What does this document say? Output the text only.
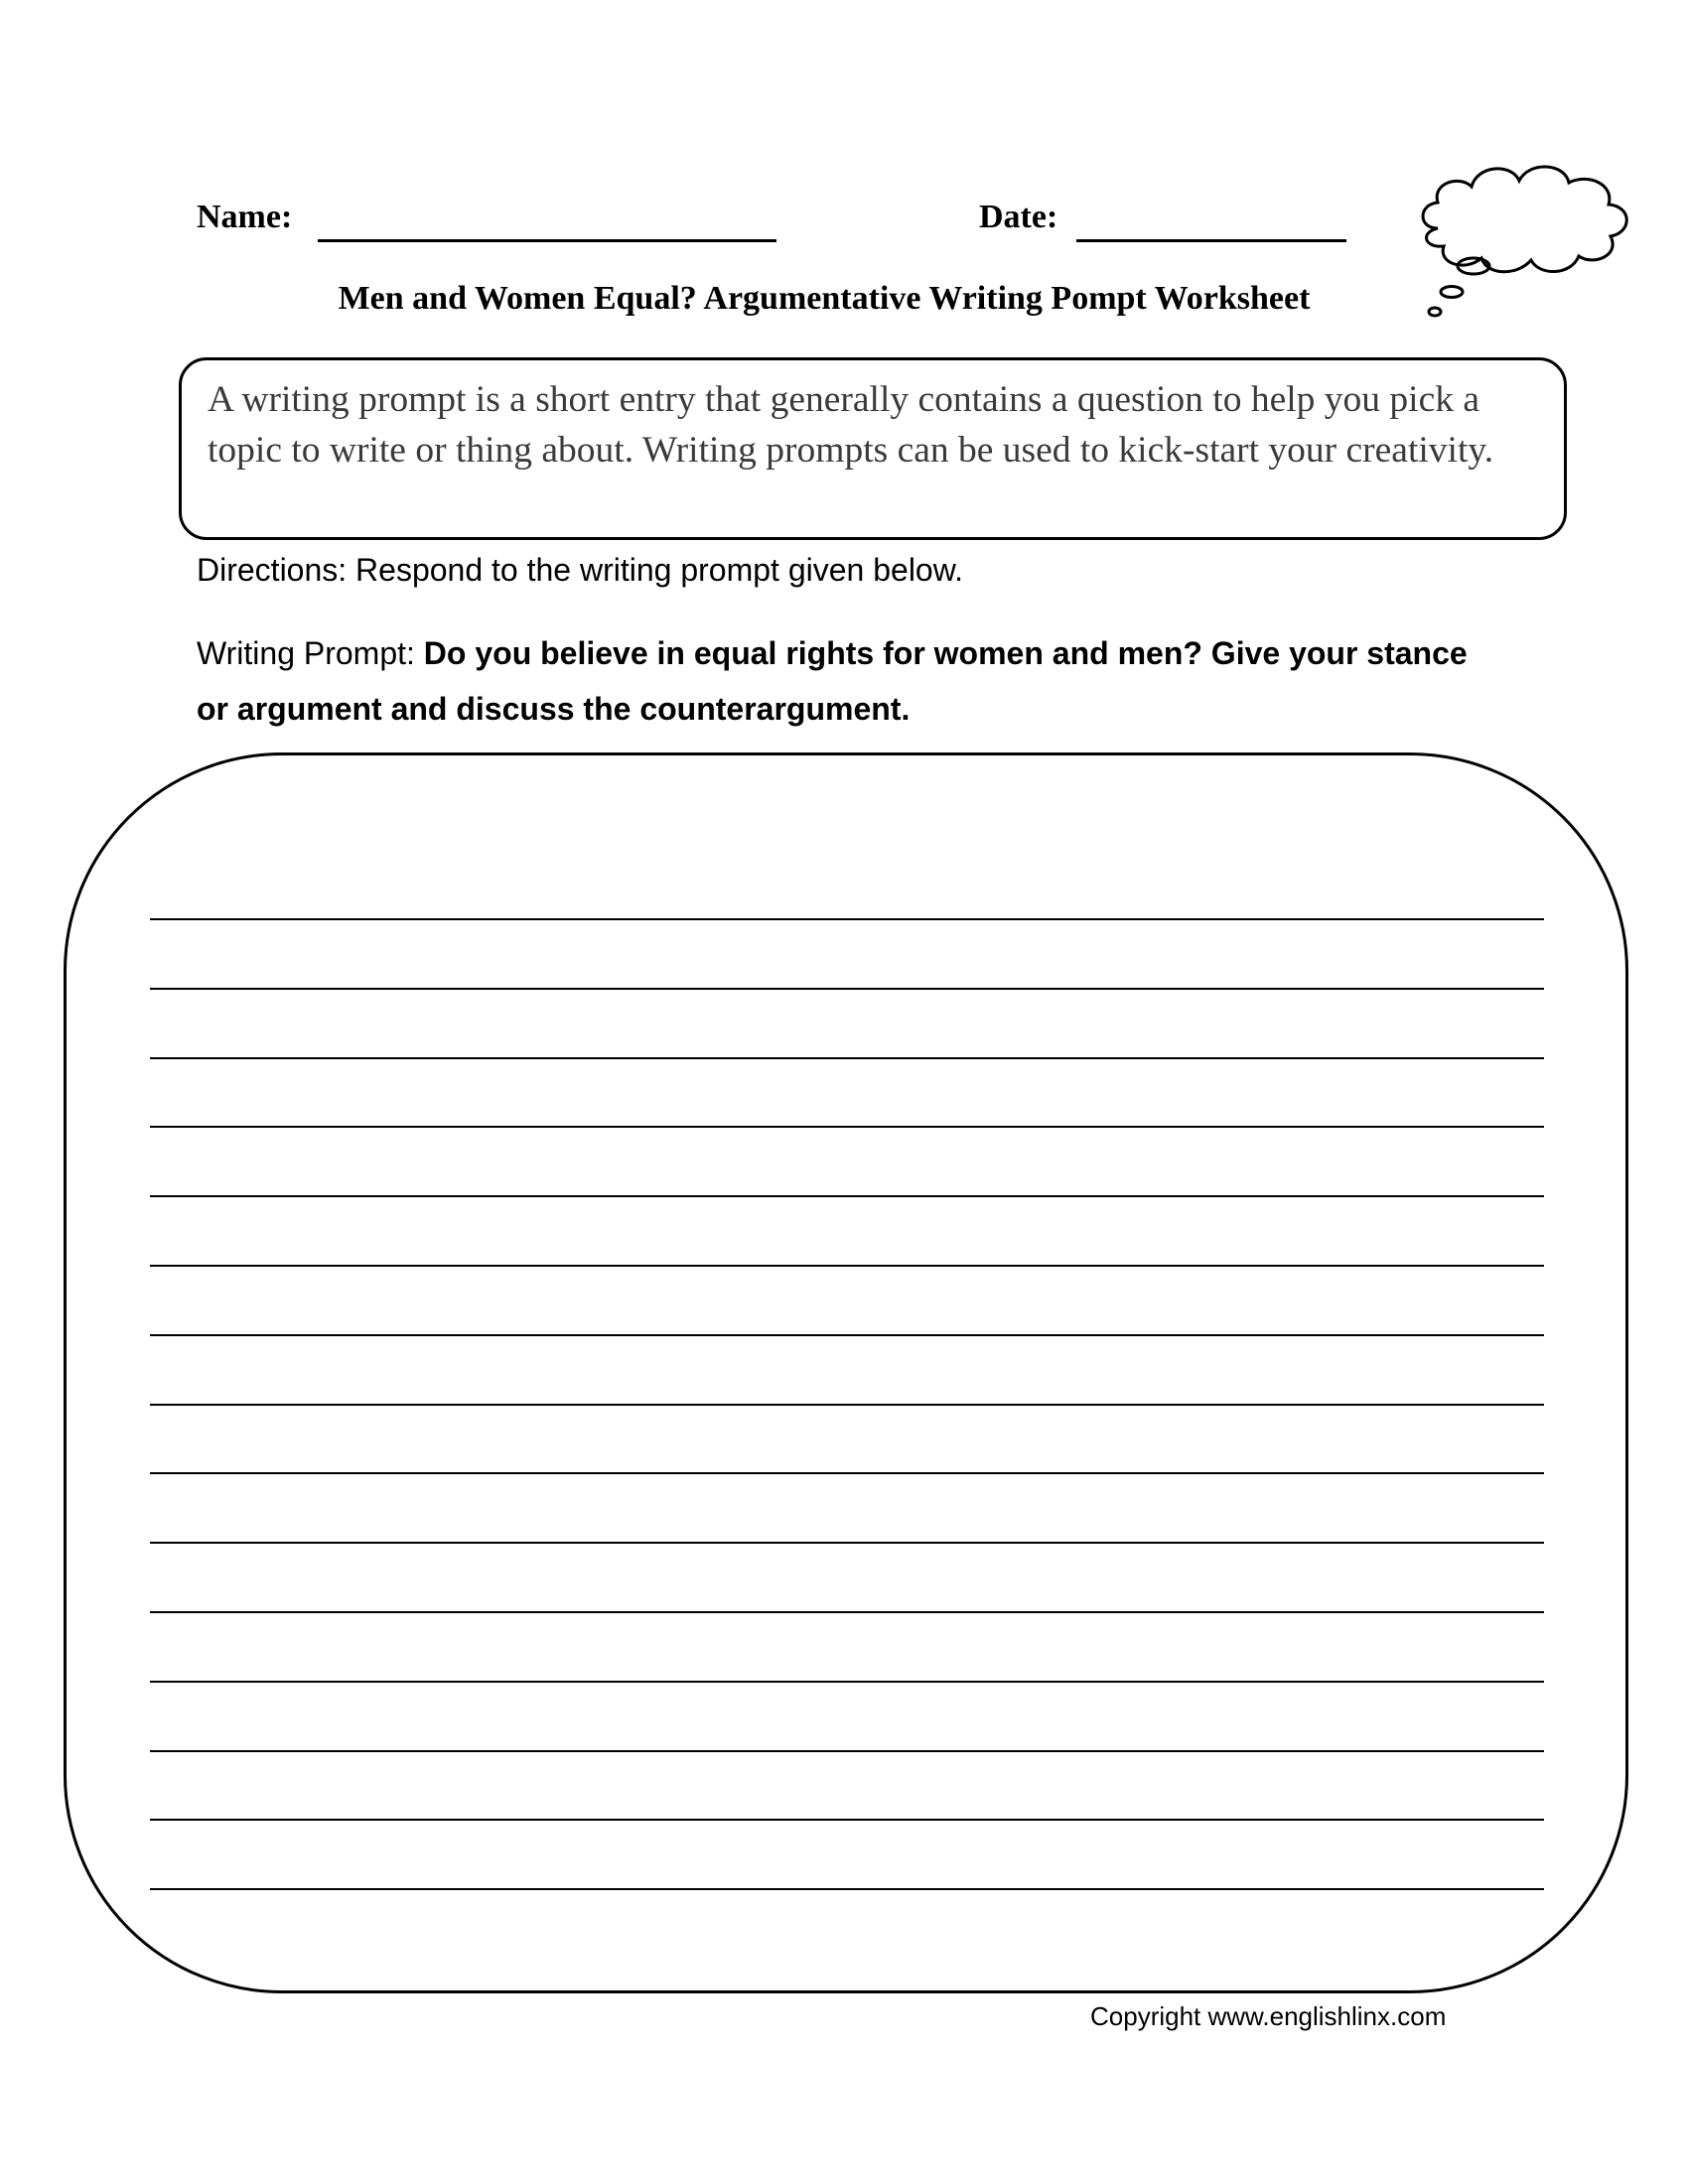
Name:	Date:
Men and Women Equal? Argumentative Writing Pompt Worksheet
A writing prompt is a short entry that generally contains a question to help you pick a topic to write or thing about. Writing prompts can be used to kick-start your creativity.
Directions: Respond to the writing prompt given below.
Writing Prompt: Do you believe in equal rights for women and men? Give your stance or argument and discuss the counterargument.
Copyright www.englishlinx.com
